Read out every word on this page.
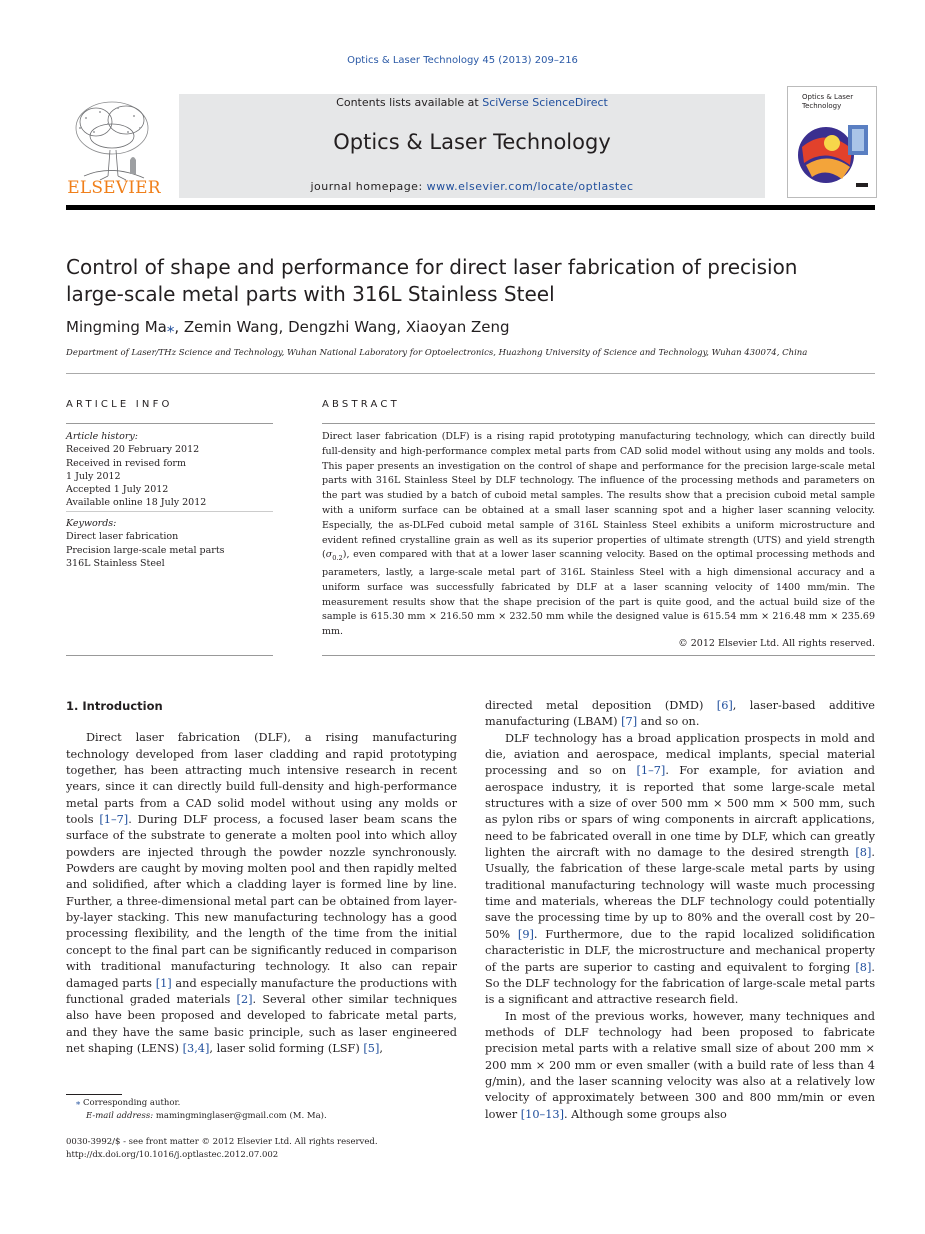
Optics & Laser Technology 45 (2013) 209–216
ELSEVIER
Contents lists available at SciVerse ScienceDirect
Optics & Laser Technology
journal homepage: www.elsevier.com/locate/optlastec
Optics & Laser
Technology
Control of shape and performance for direct laser fabrication of precision
large-scale metal parts with 316L Stainless Steel
Mingming Ma⁎, Zemin Wang, Dengzhi Wang, Xiaoyan Zeng
Department of Laser/THz Science and Technology, Wuhan National Laboratory for Optoelectronics, Huazhong University of Science and Technology, Wuhan 430074, China
ARTICLE INFO
Article history:
Received 20 February 2012
Received in revised form
1 July 2012
Accepted 1 July 2012
Available online 18 July 2012
Keywords:
Direct laser fabrication
Precision large-scale metal parts
316L Stainless Steel
ABSTRACT
Direct laser fabrication (DLF) is a rising rapid prototyping manufacturing technology, which can directly build full-density and high-performance complex metal parts from CAD solid model without using any molds and tools. This paper presents an investigation on the control of shape and performance for the precision large-scale metal parts with 316L Stainless Steel by DLF technology. The influence of the processing methods and parameters on the part was studied by a batch of cuboid metal samples. The results show that a precision cuboid metal sample with a uniform surface can be obtained at a small laser scanning spot and a higher laser scanning velocity. Especially, the as-DLFed cuboid metal sample of 316L Stainless Steel exhibits a uniform microstructure and evident refined crystalline grain as well as its superior properties of ultimate strength (UTS) and yield strength $(\sigma_{0.2})$, even compared with that at a lower laser scanning velocity. Based on the optimal processing methods and parameters, lastly, a large-scale metal part of 316L Stainless Steel with a high dimensional accuracy and a uniform surface was successfully fabricated by DLF at a laser scanning velocity of 1400 mm/min. The measurement results show that the shape precision of the part is quite good, and the actual build size of the sample is 615.30 mm × 216.50 mm × 232.50 mm while the designed value is 615.54 mm × 216.48 mm × 235.69 mm.
© 2012 Elsevier Ltd. All rights reserved.
1. Introduction

Direct laser fabrication (DLF), a rising manufacturing technology developed from laser cladding and rapid prototyping together, has been attracting much intensive research in recent years, since it can directly build full-density and high-performance metal parts from a CAD solid model without using any molds or tools [1–7]. During DLF process, a focused laser beam scans the surface of the substrate to generate a molten pool into which alloy powders are injected through the powder nozzle synchronously. Powders are caught by moving molten pool and then rapidly melted and solidified, after which a cladding layer is formed line by line. Further, a three-dimensional metal part can be obtained from layer-by-layer stacking. This new manufacturing technology has a good processing flexibility, and the length of the time from the initial concept to the final part can be significantly reduced in comparison with traditional manufacturing technology. It also can repair damaged parts [1] and especially manufacture the productions with functional graded materials [2]. Several other similar techniques also have been proposed and developed to fabricate metal parts, and they have the same basic principle, such as laser engineered net shaping (LENS) [3,4], laser solid forming (LSF) [5],

directed metal deposition (DMD) [6], laser-based additive manufacturing (LBAM) [7] and so on.

DLF technology has a broad application prospects in mold and die, aviation and aerospace, medical implants, special material processing and so on [1–7]. For example, for aviation and aerospace industry, it is reported that some large-scale metal structures with a size of over 500 mm × 500 mm × 500 mm, such as pylon ribs or spars of wing components in aircraft applications, need to be fabricated overall in one time by DLF, which can greatly lighten the aircraft with no damage to the desired strength [8]. Usually, the fabrication of these large-scale metal parts by using traditional manufacturing technology will waste much processing time and materials, whereas the DLF technology could potentially save the processing time by up to 80% and the overall cost by 20–50% [9]. Furthermore, due to the rapid localized solidification characteristic in DLF, the microstructure and mechanical property of the parts are superior to casting and equivalent to forging [8]. So the DLF technology for the fabrication of large-scale metal parts is a significant and attractive research field.

In most of the previous works, however, many techniques and methods of DLF technology had been proposed to fabricate precision metal parts with a relative small size of about 200 mm × 200 mm × 200 mm or even smaller (with a build rate of less than 4 g/min), and the laser scanning velocity was also at a relatively low velocity of approximately between 300 and 800 mm/min or even lower [10–13]. Although some groups also

⁎ Corresponding author.
E-mail address: mamingminglaser@gmail.com (M. Ma).
0030-3992/$ - see front matter © 2012 Elsevier Ltd. All rights reserved.
http://dx.doi.org/10.1016/j.optlastec.2012.07.002
